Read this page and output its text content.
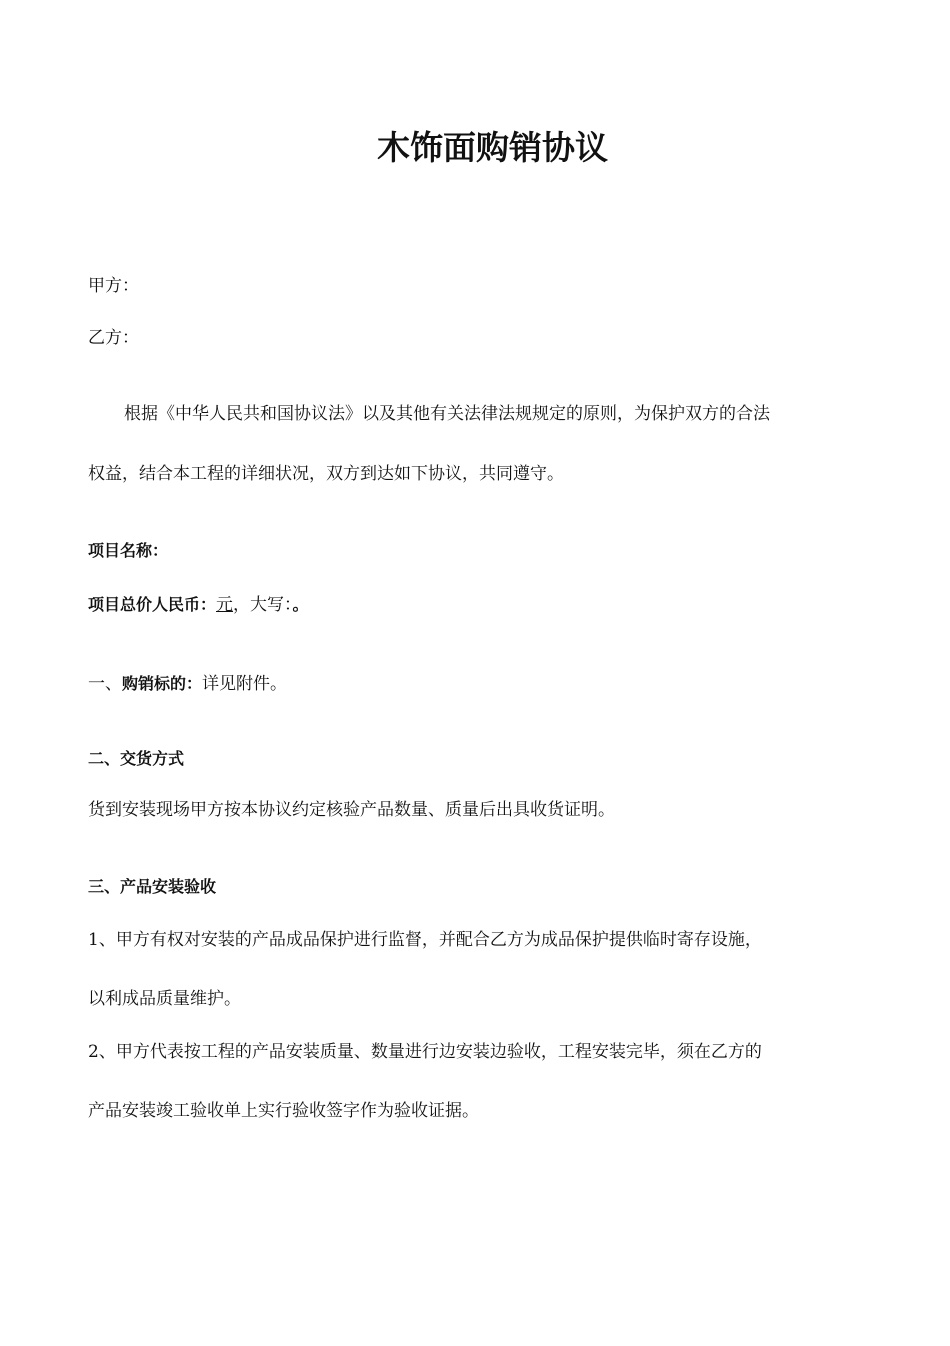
木饰面购销协议
甲方：
乙方：
根据《中华人民共和国协议法》以及其他有关法律法规规定的原则，为保护双方的合法
权益，结合本工程的详细状况，双方到达如下协议，共同遵守。
项目名称：
项目总价人民币：元，大写：。
一、购销标的：详见附件。
二、交货方式
货到安装现场甲方按本协议约定核验产品数量、质量后出具收货证明。
三、产品安装验收
1、甲方有权对安装的产品成品保护进行监督，并配合乙方为成品保护提供临时寄存设施，
以利成品质量维护。
2、甲方代表按工程的产品安装质量、数量进行边安装边验收，工程安装完毕，须在乙方的
产品安装竣工验收单上实行验收签字作为验收证据。
